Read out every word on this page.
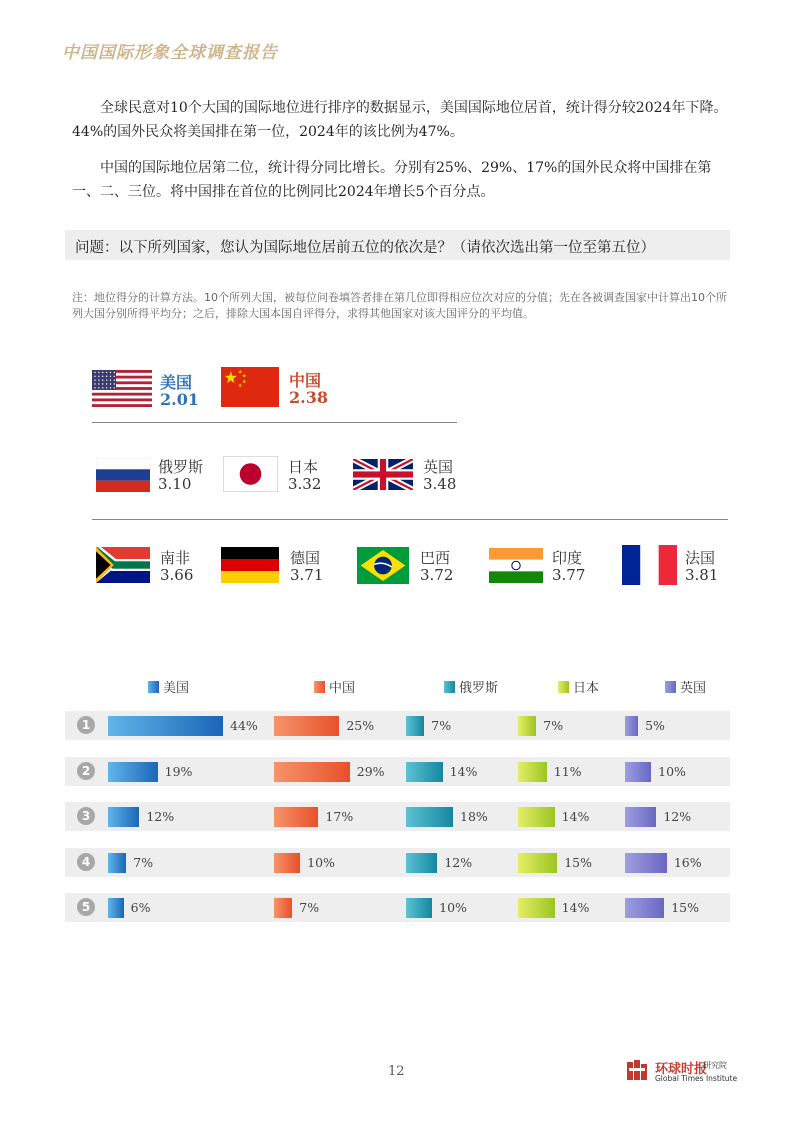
中国国际形象全球调查报告
全球民意对10个大国的国际地位进行排序的数据显示，美国国际地位居首，统计得分较2024年下降。44%的国外民众将美国排在第一位，2024年的该比例为47%。
中国的国际地位居第二位，统计得分同比增长。分别有25%、29%、17%的国外民众将中国排在第一、二、三位。将中国排在首位的比例同比2024年增长5个百分点。
问题：以下所列国家，您认为国际地位居前五位的依次是？（请依次选出第一位至第五位）
注：地位得分的计算方法。10个所列大国，被每位问卷填答者排在第几位即得相应位次对应的分值；先在各被调查国家中计算出10个所列大国分别所得平均分；之后，排除大国本国自评得分，求得其他国家对该大国评分的平均值。
美国
2.01
中国
2.38
俄罗斯
3.10
日本
3.32
英国
3.48
南非
3.66
德国
3.71
巴西
3.72
印度
3.77
法国
3.81
美国	中国	俄罗斯	日本	英国
1	44%	25%	7%	7%	5%
2	19%	29%	14%	11%	10%
3	12%	17%	18%	14%	12%
4	7%	10%	12%	15%	16%
5	6%	7%	10%	14%	15%
12	环球时报
研究院
Global Times Institute
